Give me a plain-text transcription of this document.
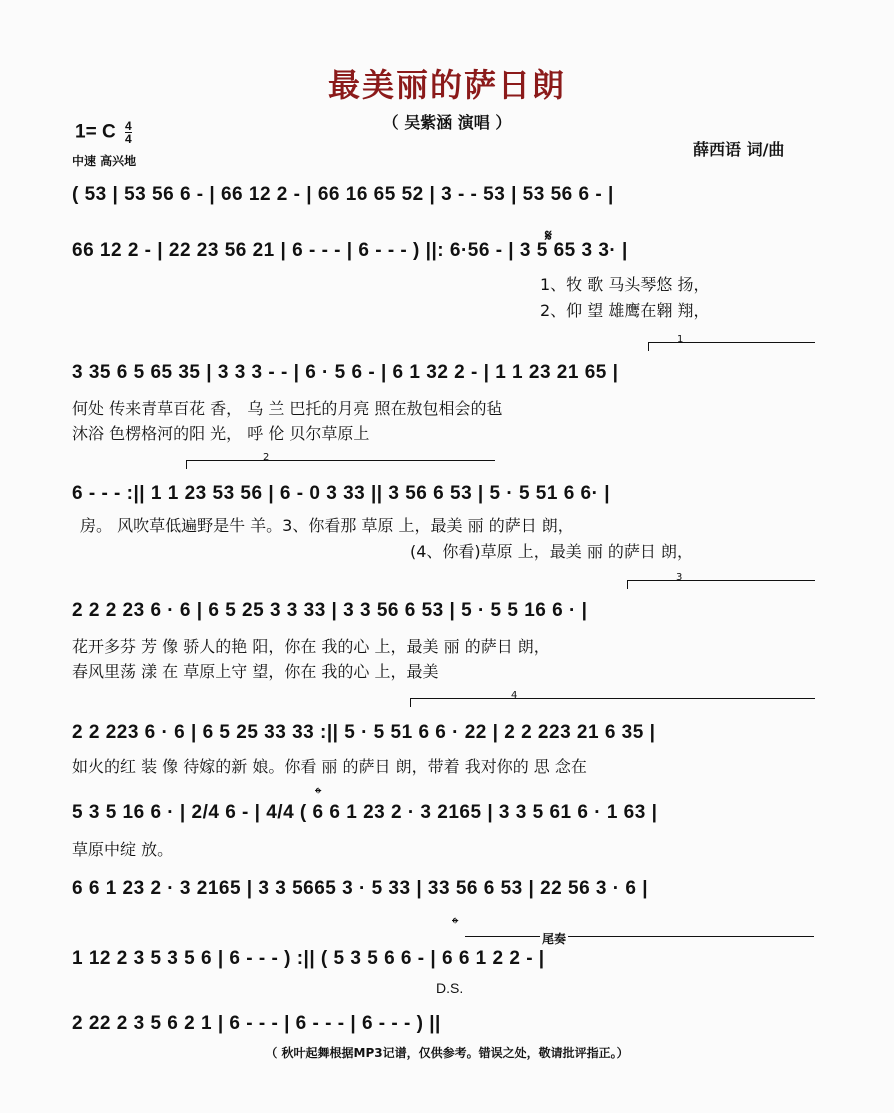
最美丽的萨日朗
（ 吴紫涵 演唱 ）
1= C $\frac{4}{4}$
中速 高兴地
薛西语 词/曲
( 53 | 53 56 6 - | 66 12 2 - | 66 16 65 52 | 3 - - 53 | 53 56 6 - |
𝄋
66 12 2 - | 22 23 56 21 | 6 - - - | 6 - - - ) ||: 6·56 - | 3 5 65 3 3· |
1、牧 歌 马头琴悠 扬，
2、仰 望 雄鹰在翱 翔，
1
3 35 6 5 65 35 | 3 3 3 - - | 6 · 5 6 - | 6 1 32 2 - | 1 1 23 21 65 |
何处 传来青草百花 香， 乌 兰 巴托的月亮 照在敖包相会的毡
沐浴 色楞格河的阳 光， 呼 伦 贝尔草原上
2
6 - - - :|| 1 1 23 53 56 | 6 - 0 3 33 || 3 56 6 53 | 5 · 5 51 6 6· |
房。 风吹草低遍野是牛 羊。3、你看那 草原 上，最美 丽 的萨日 朗，
(4、你看)草原 上，最美 丽 的萨日 朗，
3
2 2 2 23 6 · 6 | 6 5 25 3 3 33 | 3 3 56 6 53 | 5 · 5 5 16 6 · |
花开多芬 芳 像 骄人的艳 阳，你在 我的心 上，最美 丽 的萨日 朗，
春风里荡 漾 在 草原上守 望，你在 我的心 上，最美
4
2 2 223 6 · 6 | 6 5 25 33 33 :|| 5 · 5 51 6 6 · 22 | 2 2 223 21 6 35 |
如火的红 装 像 待嫁的新 娘。你看 丽 的萨日 朗，带着 我对你的 思 念在
𝄌
5 3 5 16 6 · | 2/4 6 - | 4/4 ( 6 6 1 23 2 · 3 2165 | 3 3 5 61 6 · 1 63 |
草原中绽 放。
6 6 1 23 2 · 3 2165 | 3 3 5665 3 · 5 33 | 33 56 6 53 | 22 56 3 · 6 |
𝄌
尾奏
1 12 2 3 5 3 5 6 | 6 - - - ) :|| ( 5 3 5 6 6 - | 6 6 1 2 2 - |
D.S.
2 22 2 3 5 6 2 1 | 6 - - - | 6 - - - | 6 - - - ) ||
（ 秋叶起舞根据MP3记谱，仅供参考。错误之处，敬请批评指正。）
